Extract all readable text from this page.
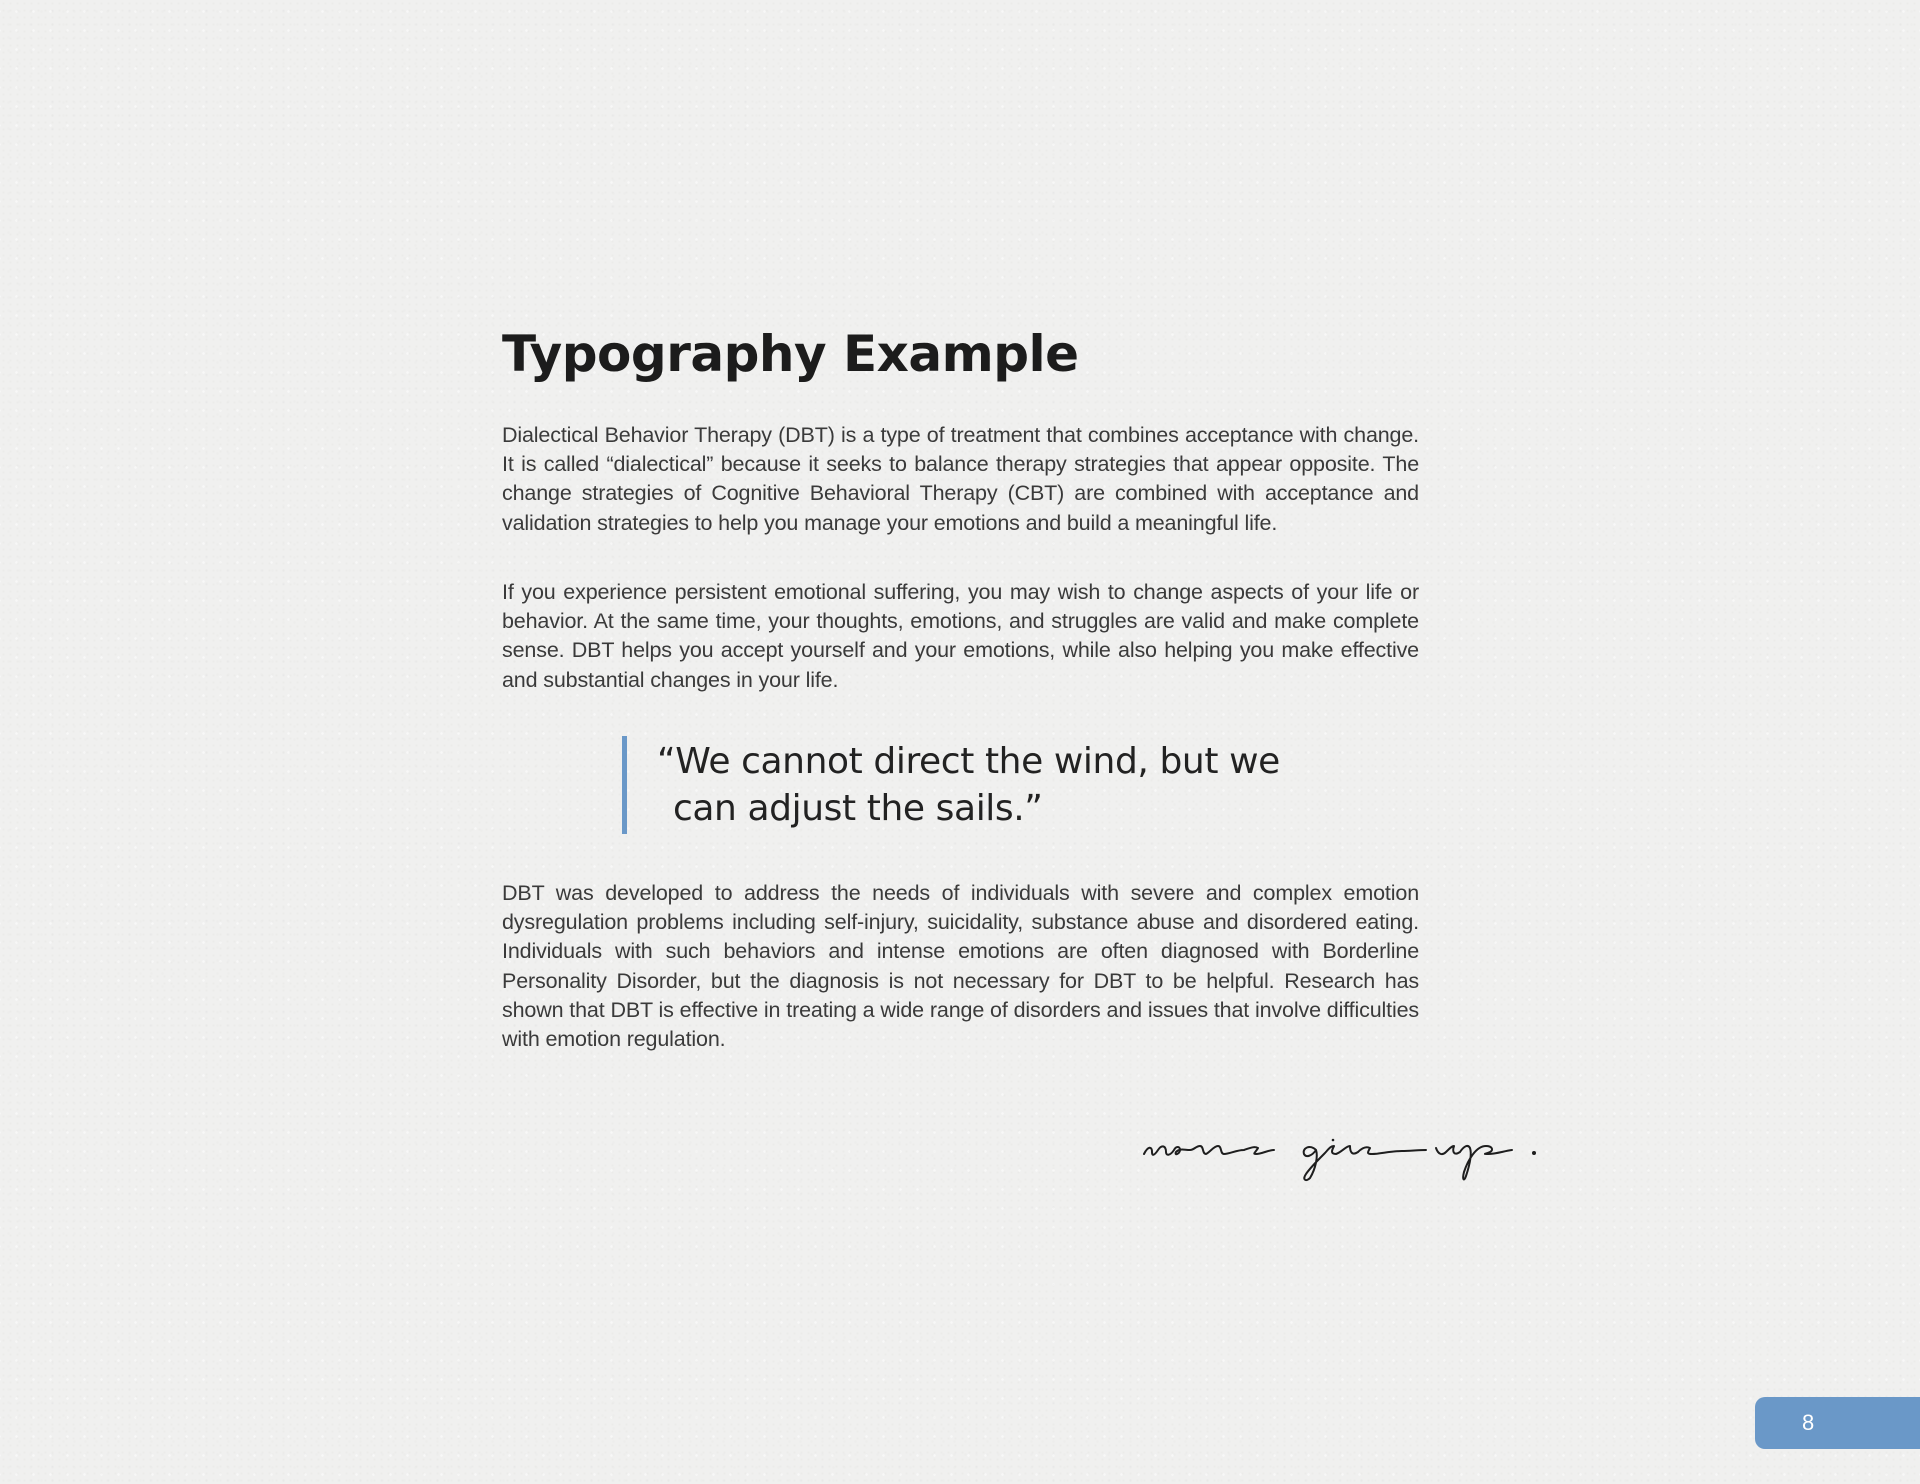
Typography Example

Dialectical Behavior Therapy (DBT) is a type of treatment that combines acceptance with change. It is called “dialectical” because it seeks to balance therapy strategies that appear opposite. The change strategies of Cognitive Behavioral Therapy (CBT) are combined with acceptance and validation strategies to help you manage your emotions and build a meaningful life.

If you experience persistent emotional suffering, you may wish to change aspects of your life or behavior. At the same time, your thoughts, emotions, and struggles are valid and make complete sense. DBT helps you accept yourself and your emotions, while also helping you make effective and substantial changes in your life.

“We cannot direct the wind, but we
can adjust the sails.”

DBT was developed to address the needs of individuals with severe and complex emotion dysregulation problems including self-injury, suicidality, substance abuse and disordered eating. Individuals with such behaviors and intense emotions are often diagnosed with Borderline Personality Disorder, but the diagnosis is not necessary for DBT to be helpful. Research has shown that DBT is effective in treating a wide range of disorders and issues that involve difficulties with emotion regulation.

8
